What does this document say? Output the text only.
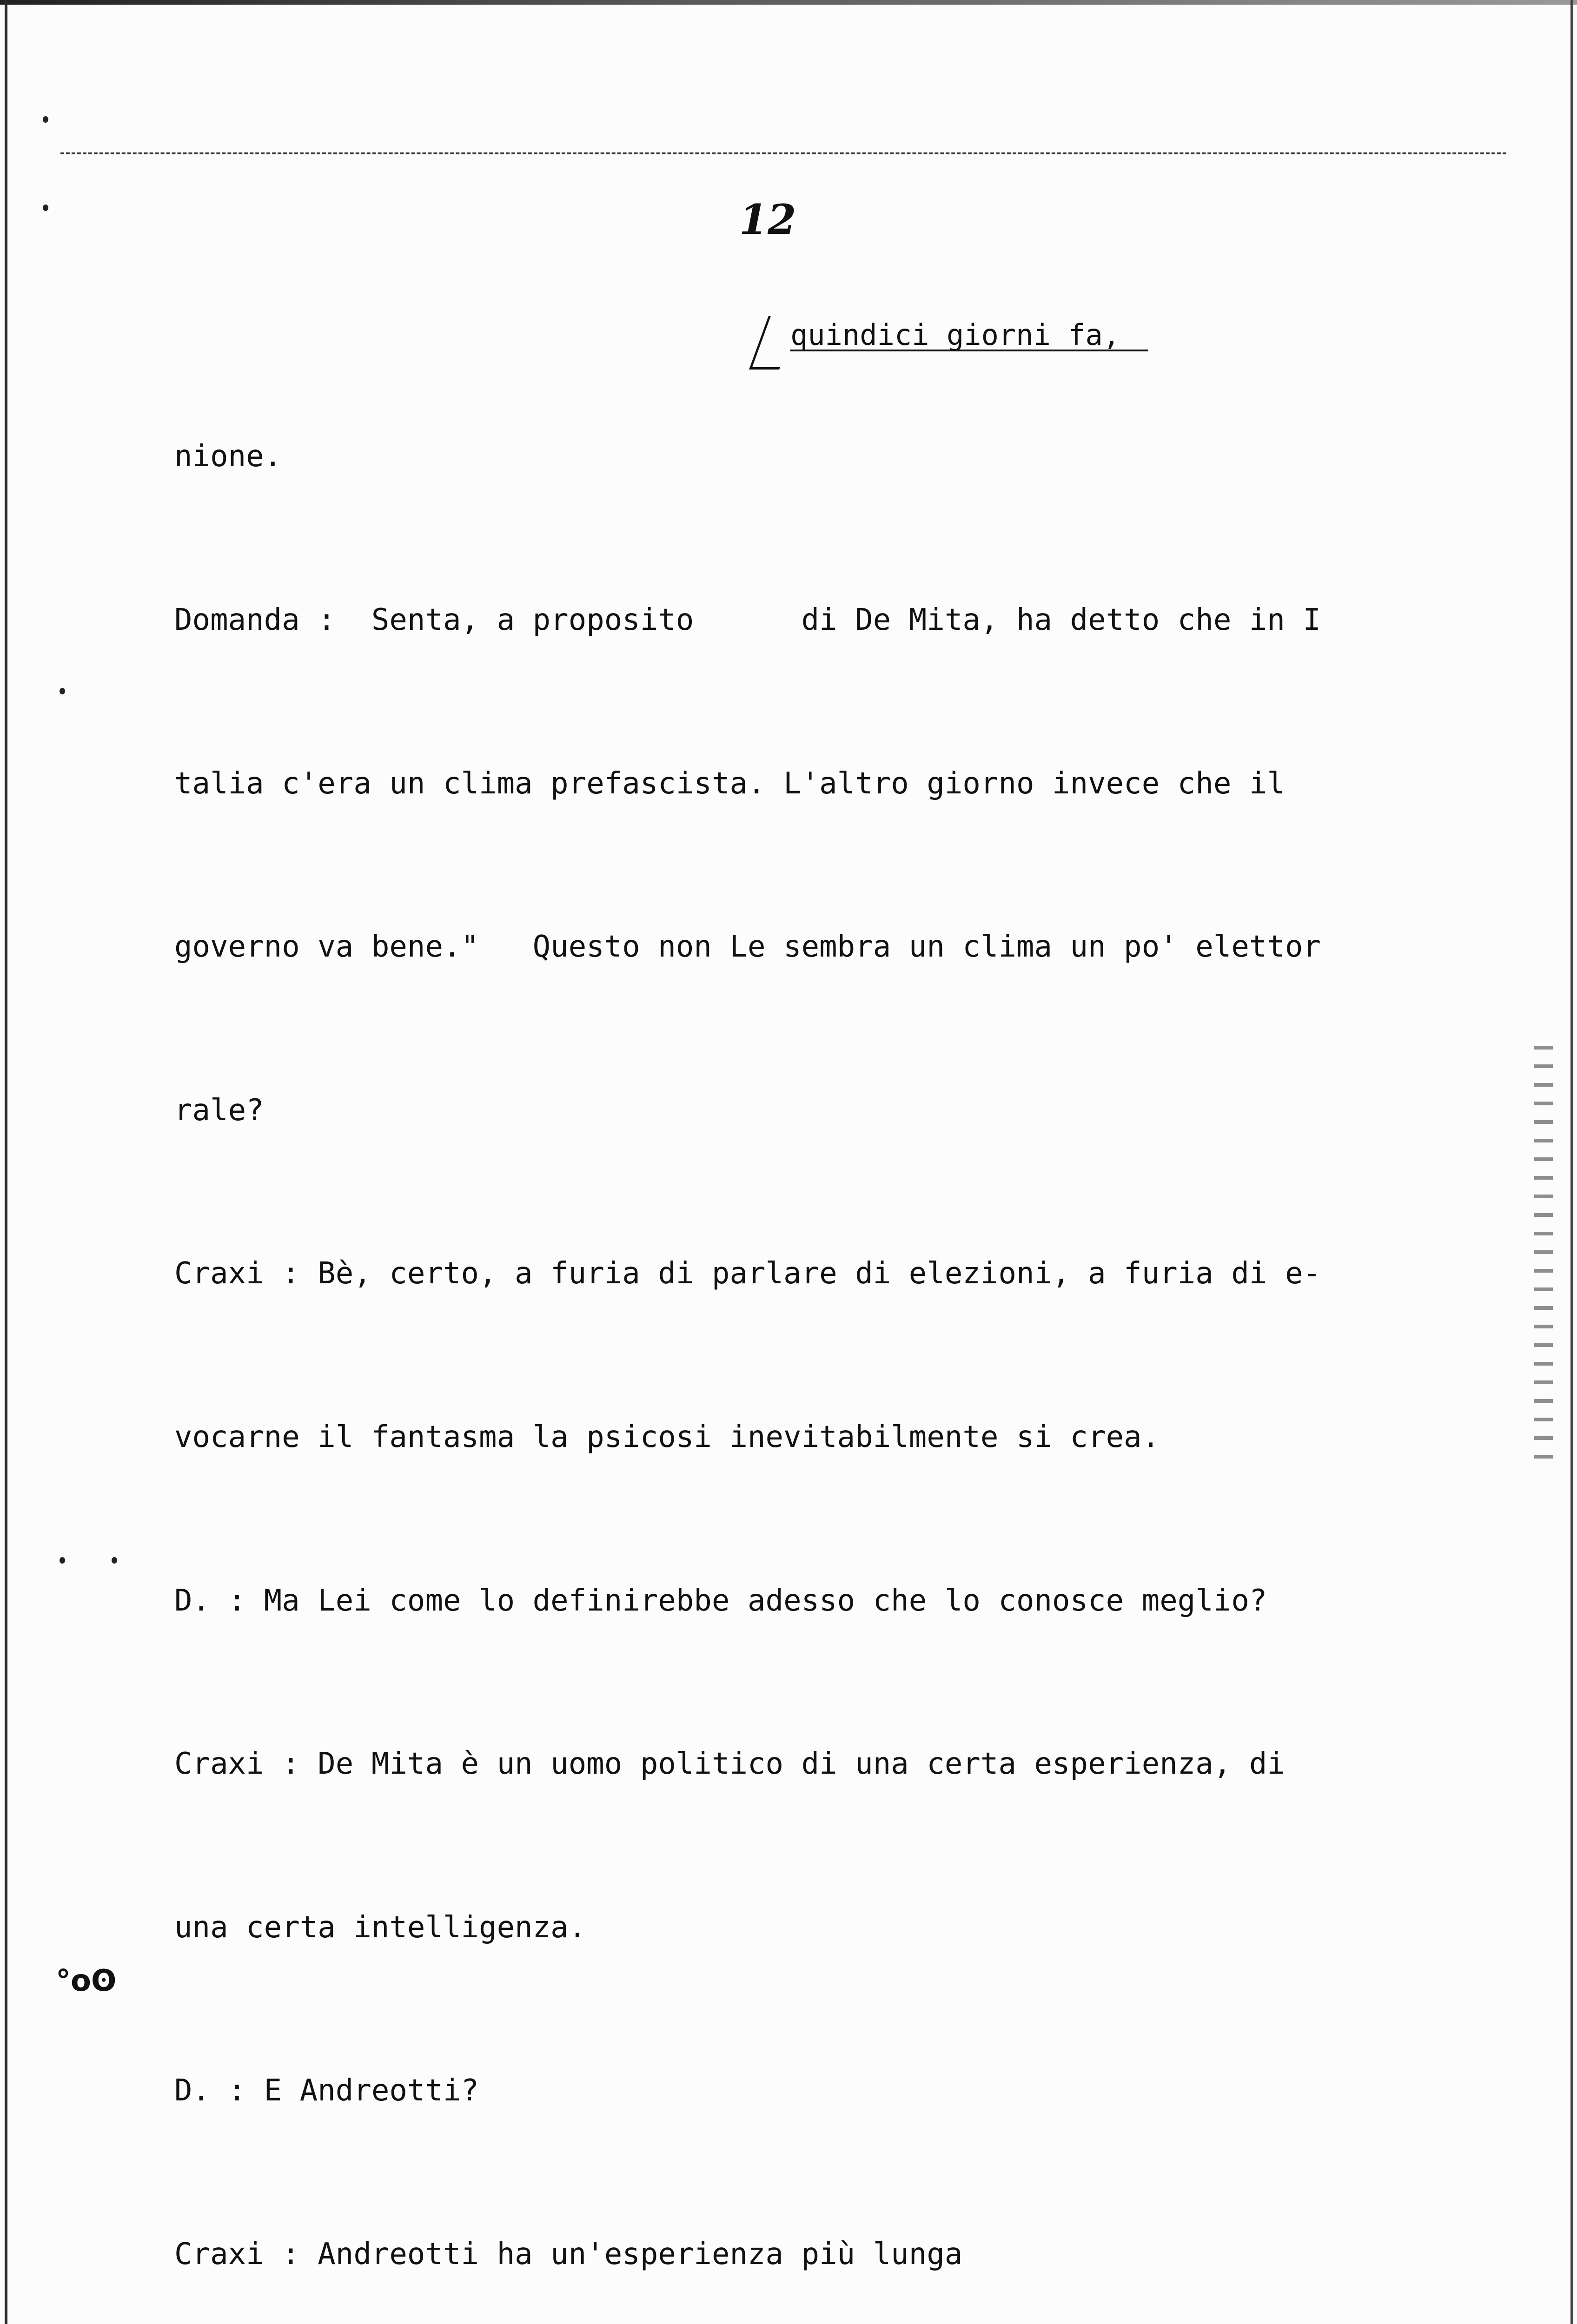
°oʘ
12
quindici giorni fa,

nione.

Domanda :  Senta, a proposito      di De Mita, ha detto che in I

talia c'era un clima prefascista. L'altro giorno invece che il

governo va bene."   Questo non Le sembra un clima un po' elettor

rale?

Craxi : Bè, certo, a furia di parlare di elezioni, a furia di e-

vocarne il fantasma la psicosi inevitabilmente si crea.

D. : Ma Lei come lo definirebbe adesso che lo conosce meglio?

Craxi : De Mita è un uomo politico di una certa esperienza, di

una certa intelligenza.

D. : E Andreotti?

Craxi : Andreotti ha un'esperienza più lunga
